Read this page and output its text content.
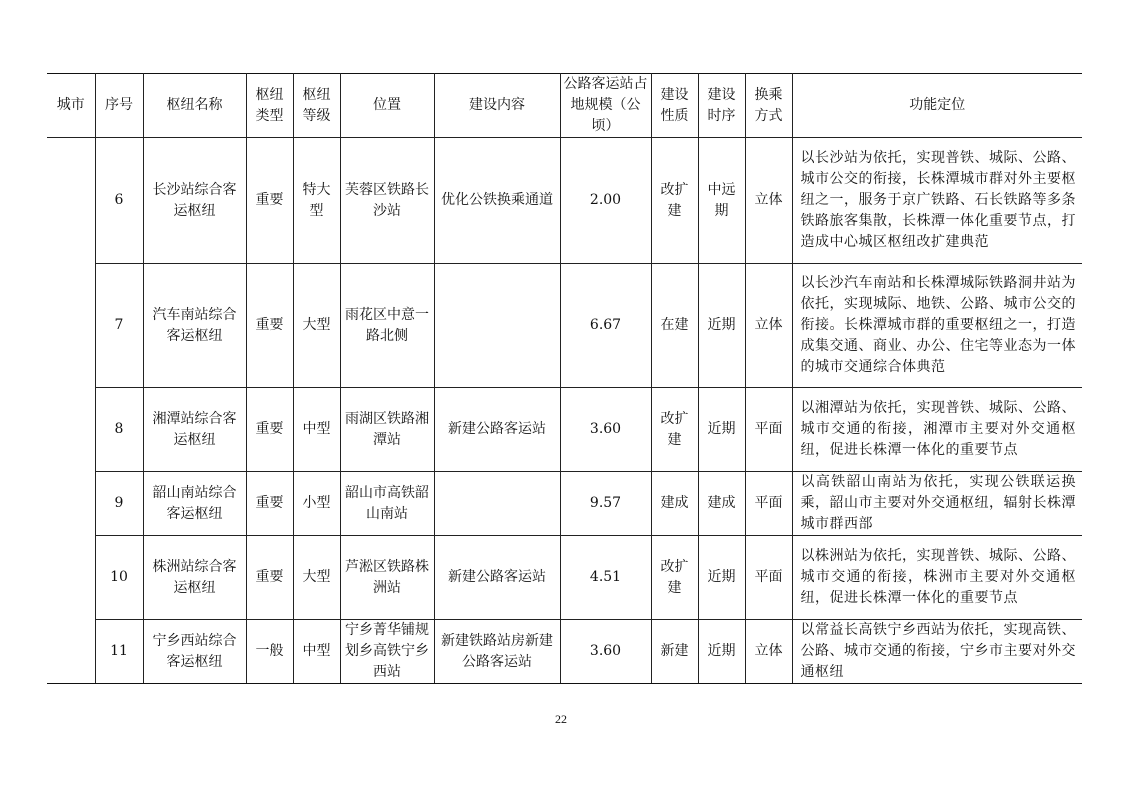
城市	序号	枢纽名称	枢纽类型	枢纽等级	位置	建设内容	公路客运站占地规模（公顷）	建设性质	建设时序	换乘方式	功能定位
	6	长沙站综合客运枢纽	重要	特大型	芙蓉区铁路长沙站	优化公铁换乘通道	2.00	改扩建	中远期	立体	以长沙站为依托，实现普铁、城际、公路、城市公交的衔接，长株潭城市群对外主要枢纽之一，服务于京广铁路、石长铁路等多条铁路旅客集散，长株潭一体化重要节点，打造成中心城区枢纽改扩建典范
	7	汽车南站综合客运枢纽	重要	大型	雨花区中意一路北侧		6.67	在建	近期	立体	以长沙汽车南站和长株潭城际铁路洞井站为依托，实现城际、地铁、公路、城市公交的衔接。长株潭城市群的重要枢纽之一，打造成集交通、商业、办公、住宅等业态为一体的城市交通综合体典范
	8	湘潭站综合客运枢纽	重要	中型	雨湖区铁路湘潭站	新建公路客运站	3.60	改扩建	近期	平面	以湘潭站为依托，实现普铁、城际、公路、城市交通的衔接，湘潭市主要对外交通枢纽，促进长株潭一体化的重要节点
	9	韶山南站综合客运枢纽	重要	小型	韶山市高铁韶山南站		9.57	建成	建成	平面	以高铁韶山南站为依托，实现公铁联运换乘，韶山市主要对外交通枢纽，辐射长株潭城市群西部
	10	株洲站综合客运枢纽	重要	大型	芦淞区铁路株洲站	新建公路客运站	4.51	改扩建	近期	平面	以株洲站为依托，实现普铁、城际、公路、城市交通的衔接，株洲市主要对外交通枢纽，促进长株潭一体化的重要节点
	11	宁乡西站综合客运枢纽	一般	中型	宁乡菁华铺规划乡高铁宁乡西站	新建铁路站房新建公路客运站	3.60	新建	近期	立体	以常益长高铁宁乡西站为依托，实现高铁、公路、城市交通的衔接，宁乡市主要对外交通枢纽
22
